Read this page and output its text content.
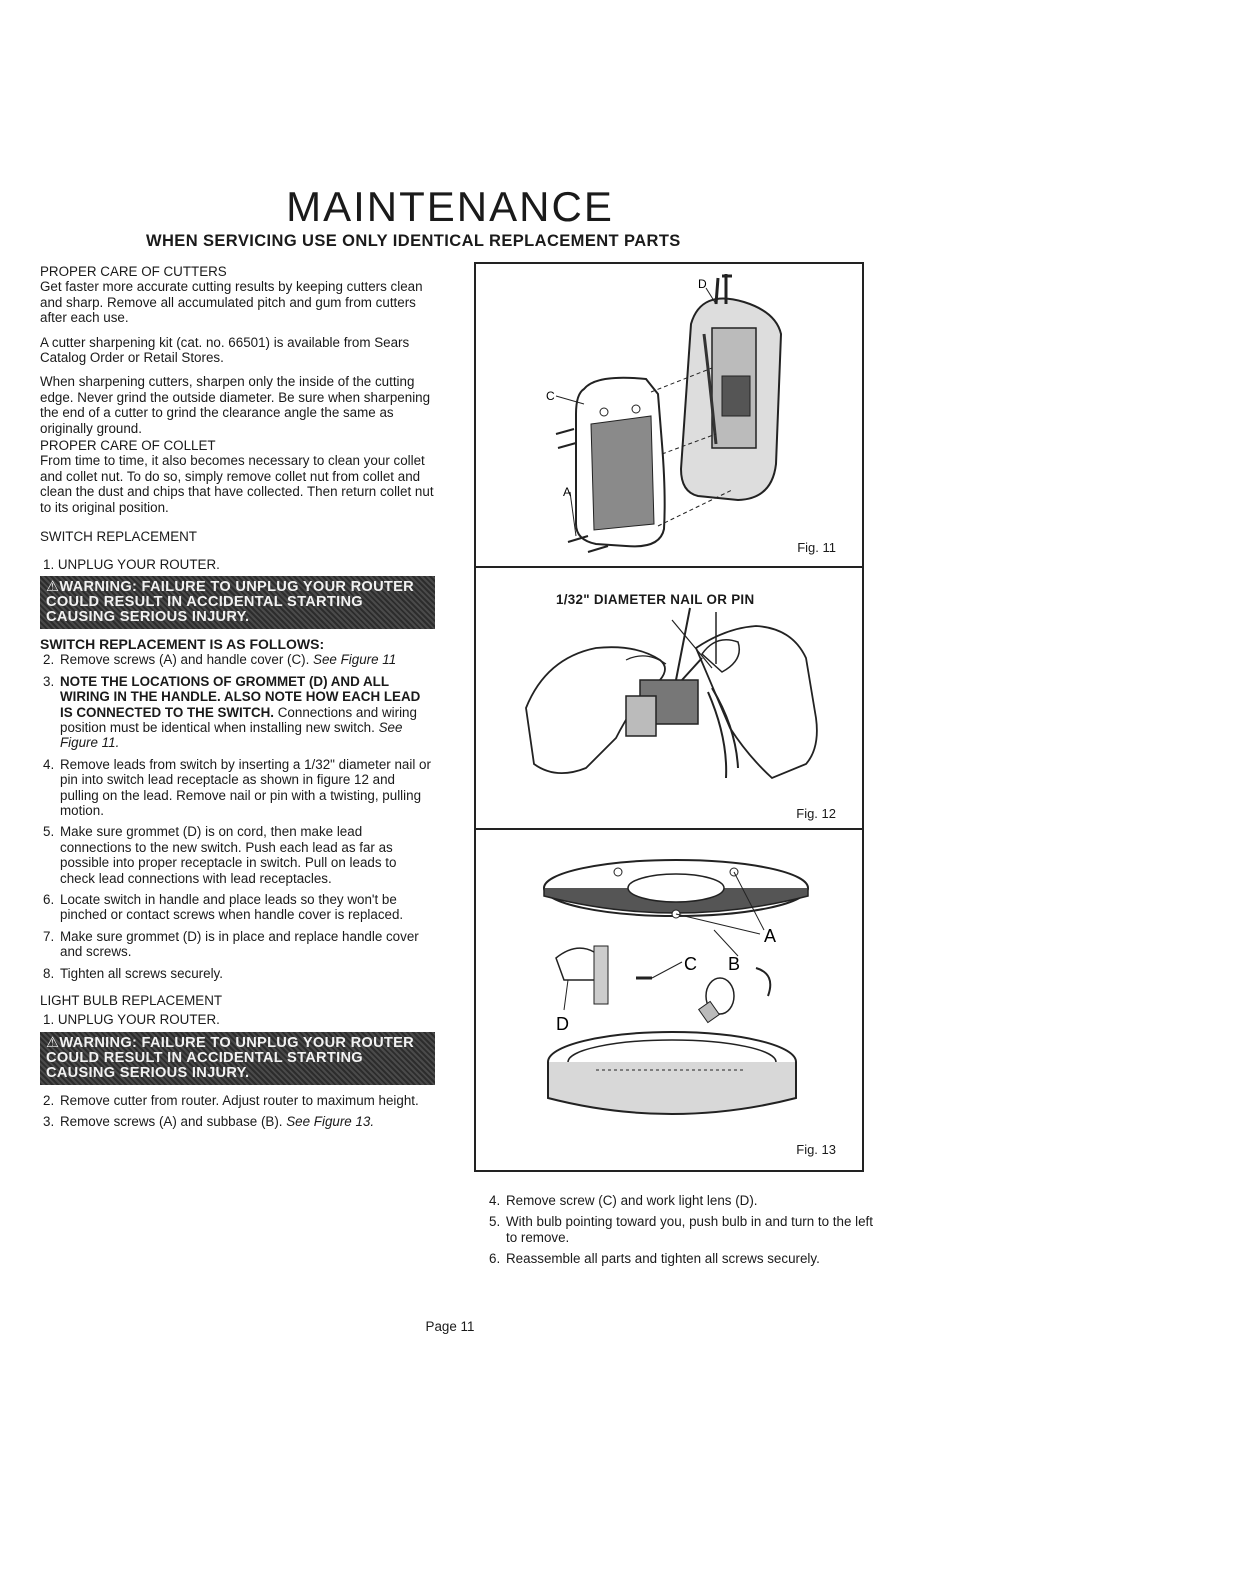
MAINTENANCE
WHEN SERVICING USE ONLY IDENTICAL REPLACEMENT PARTS
PROPER CARE OF CUTTERS

Get faster more accurate cutting results by keeping cutters clean and sharp. Remove all accumulated pitch and gum from cutters after each use.

A cutter sharpening kit (cat. no. 66501) is available from Sears Catalog Order or Retail Stores.

When sharpening cutters, sharpen only the inside of the cutting edge. Never grind the outside diameter. Be sure when sharpening the end of a cutter to grind the clearance angle the same as originally ground.

PROPER CARE OF COLLET

From time to time, it also becomes necessary to clean your collet and collet nut. To do so, simply remove collet nut from collet and clean the dust and chips that have collected. Then return collet nut to its original position.

SWITCH REPLACEMENT
1. UNPLUG YOUR ROUTER.
⚠WARNING: FAILURE TO UNPLUG YOUR ROUTER COULD RESULT IN ACCIDENTAL STARTING CAUSING SERIOUS INJURY.
SWITCH REPLACEMENT IS AS FOLLOWS:
2. Remove screws (A) and handle cover (C). See Figure 11
3. NOTE THE LOCATIONS OF GROMMET (D) AND ALL WIRING IN THE HANDLE. ALSO NOTE HOW EACH LEAD IS CONNECTED TO THE SWITCH. Connections and wiring position must be identical when installing new switch. See Figure 11.
4. Remove leads from switch by inserting a 1/32" diameter nail or pin into switch lead receptacle as shown in figure 12 and pulling on the lead. Remove nail or pin with a twisting, pulling motion.
5. Make sure grommet (D) is on cord, then make lead connections to the new switch. Push each lead as far as possible into proper receptacle in switch. Pull on leads to check lead connections with lead receptacles.
6. Locate switch in handle and place leads so they won't be pinched or contact screws when handle cover is replaced.
7. Make sure grommet (D) is in place and replace handle cover and screws.
8. Tighten all screws securely.
LIGHT BULB REPLACEMENT
1. UNPLUG YOUR ROUTER.
⚠WARNING: FAILURE TO UNPLUG YOUR ROUTER COULD RESULT IN ACCIDENTAL STARTING CAUSING SERIOUS INJURY.
2. Remove cutter from router. Adjust router to maximum height.
3. Remove screws (A) and subbase (B). See Figure 13.
C
A
D
Fig. 11
1/32" DIAMETER NAIL OR PIN
Fig. 12
A
B
D
C
Fig. 13
4. Remove screw (C) and work light lens (D).
5. With bulb pointing toward you, push bulb in and turn to the left to remove.
6. Reassemble all parts and tighten all screws securely.
Page 11
